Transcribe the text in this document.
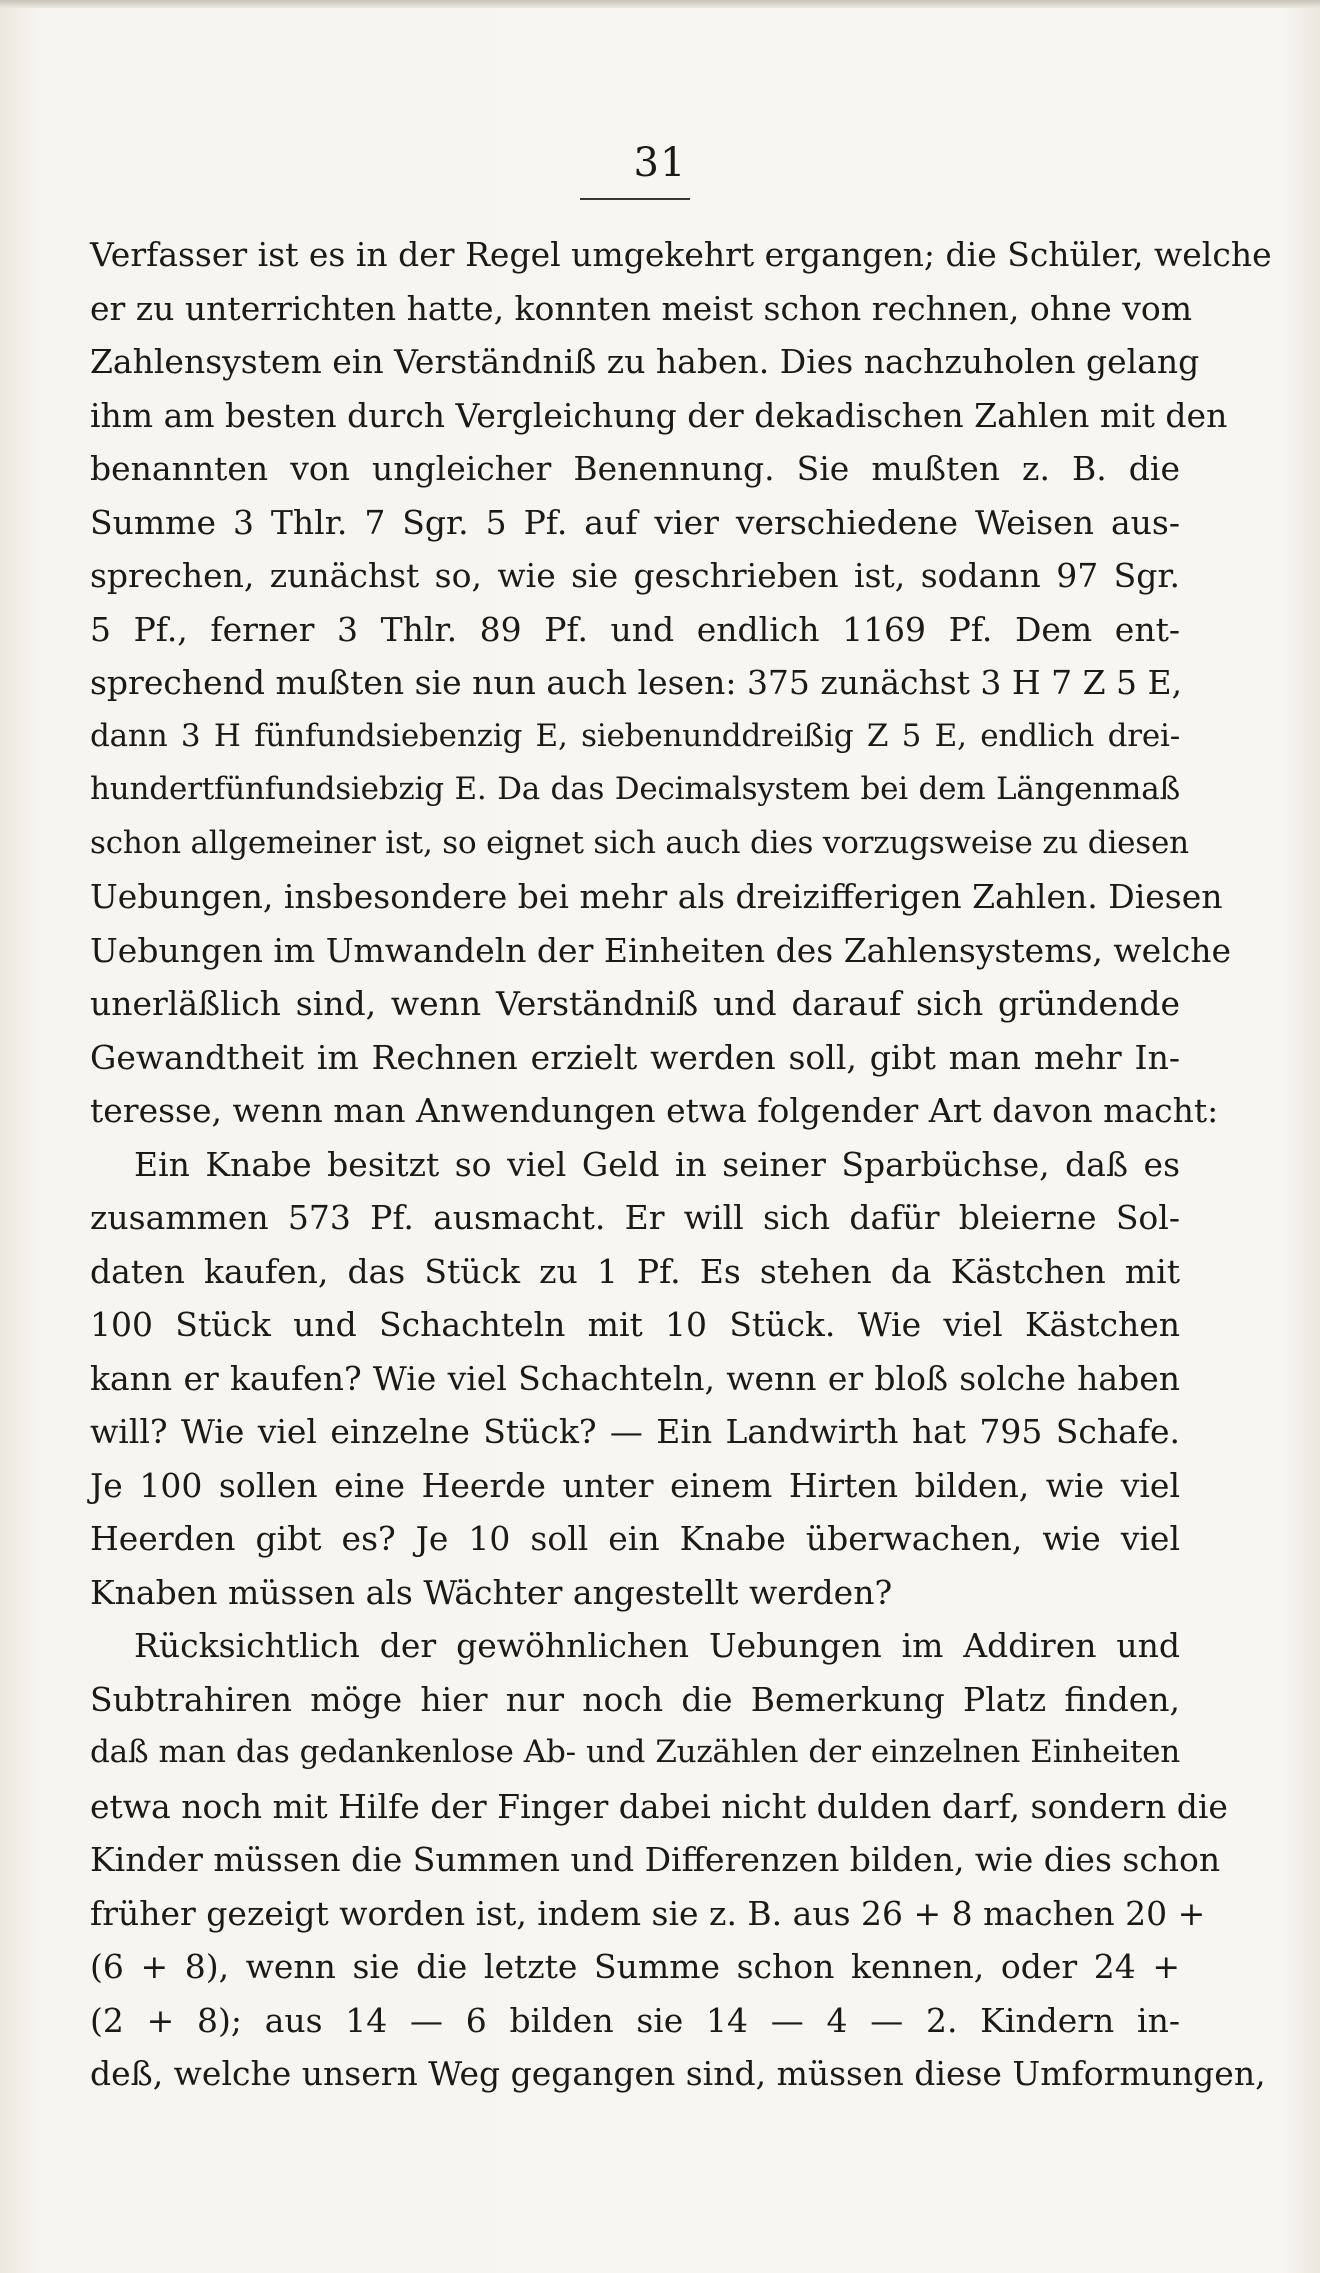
31
Verfasser ist es in der Regel umgekehrt ergangen; die Schüler, welche
er zu unterrichten hatte, konnten meist schon rechnen, ohne vom
Zahlensystem ein Verständniß zu haben. Dies nachzuholen gelang
ihm am besten durch Vergleichung der dekadischen Zahlen mit den
benannten von ungleicher Benennung. Sie mußten z. B. die
Summe 3 Thlr. 7 Sgr. 5 Pf. auf vier verschiedene Weisen aus-
sprechen, zunächst so, wie sie geschrieben ist, sodann 97 Sgr.
5 Pf., ferner 3 Thlr. 89 Pf. und endlich 1169 Pf. Dem ent-
sprechend mußten sie nun auch lesen: 375 zunächst 3 H 7 Z 5 E,
dann 3 H fünfundsiebenzig E, siebenunddreißig Z 5 E, endlich drei-
hundertfünfundsiebzig E. Da das Decimalsystem bei dem Längenmaß
schon allgemeiner ist, so eignet sich auch dies vorzugsweise zu diesen
Uebungen, insbesondere bei mehr als dreizifferigen Zahlen. Diesen
Uebungen im Umwandeln der Einheiten des Zahlensystems, welche
unerläßlich sind, wenn Verständniß und darauf sich gründende
Gewandtheit im Rechnen erzielt werden soll, gibt man mehr In-
teresse, wenn man Anwendungen etwa folgender Art davon macht:
Ein Knabe besitzt so viel Geld in seiner Sparbüchse, daß es
zusammen 573 Pf. ausmacht. Er will sich dafür bleierne Sol-
daten kaufen, das Stück zu 1 Pf. Es stehen da Kästchen mit
100 Stück und Schachteln mit 10 Stück. Wie viel Kästchen
kann er kaufen? Wie viel Schachteln, wenn er bloß solche haben
will? Wie viel einzelne Stück? — Ein Landwirth hat 795 Schafe.
Je 100 sollen eine Heerde unter einem Hirten bilden, wie viel
Heerden gibt es? Je 10 soll ein Knabe überwachen, wie viel
Knaben müssen als Wächter angestellt werden?
Rücksichtlich der gewöhnlichen Uebungen im Addiren und
Subtrahiren möge hier nur noch die Bemerkung Platz finden,
daß man das gedankenlose Ab- und Zuzählen der einzelnen Einheiten
etwa noch mit Hilfe der Finger dabei nicht dulden darf, sondern die
Kinder müssen die Summen und Differenzen bilden, wie dies schon
früher gezeigt worden ist, indem sie z. B. aus 26 + 8 machen 20 +
(6 + 8), wenn sie die letzte Summe schon kennen, oder 24 +
(2 + 8); aus 14 — 6 bilden sie 14 — 4 — 2. Kindern in-
deß, welche unsern Weg gegangen sind, müssen diese Umformungen,
